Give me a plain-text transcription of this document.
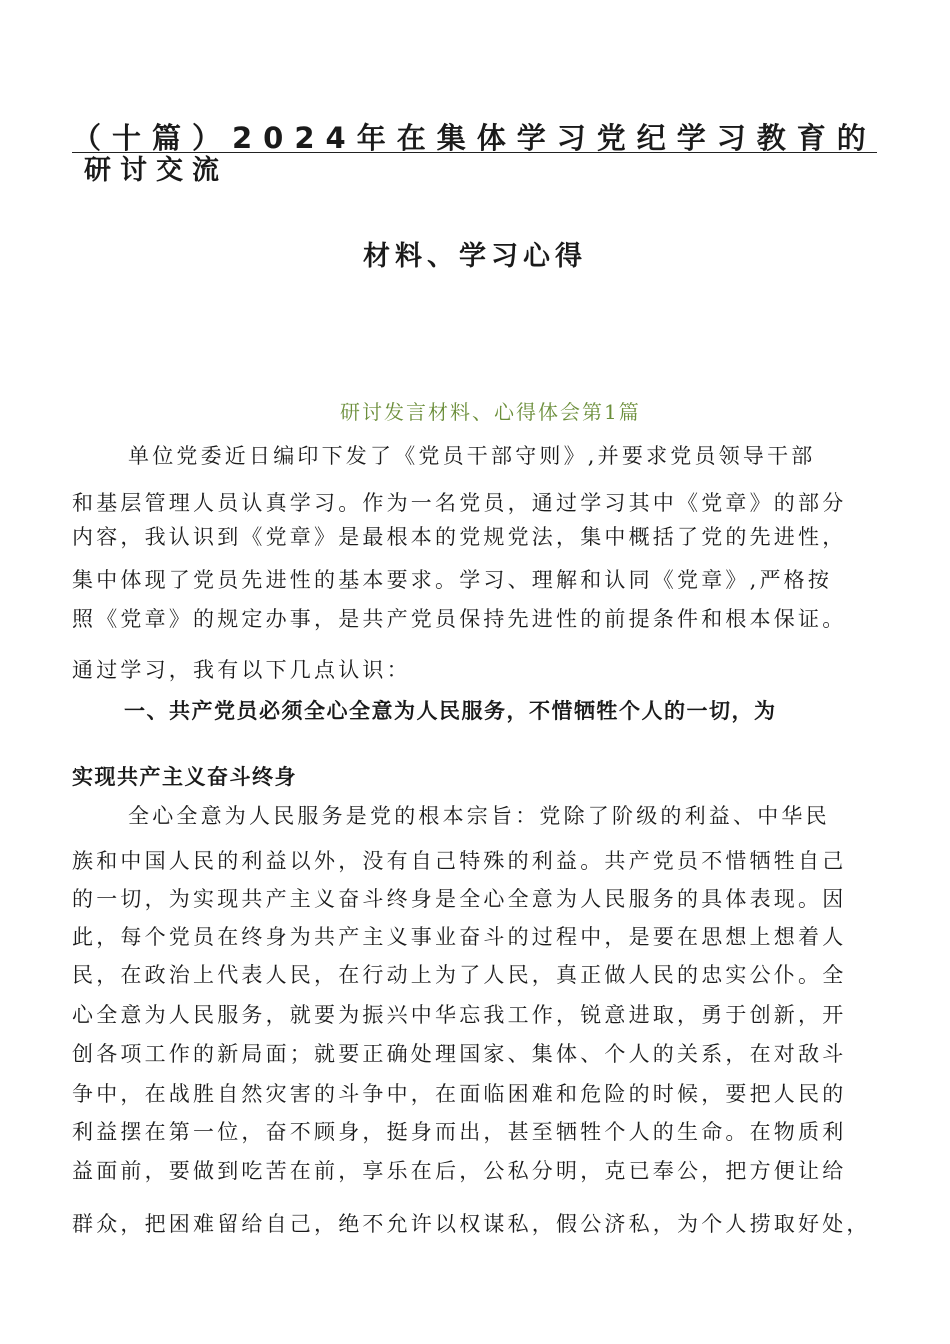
（十篇）2024年在集体学习党纪学习教育的
研讨交流
材料、学习心得
研讨发言材料、心得体会第1篇
单位党委近日编印下发了《党员干部守则》,并要求党员领导干部
和基层管理人员认真学习。作为一名党员，通过学习其中《党章》的部分
内容，我认识到《党章》是最根本的党规党法，集中概括了党的先进性，
集中体现了党员先进性的基本要求。学习、理解和认同《党章》,严格按
照《党章》的规定办事，是共产党员保持先进性的前提条件和根本保证。
通过学习，我有以下几点认识：
一、共产党员必须全心全意为人民服务，不惜牺牲个人的一切，为
实现共产主义奋斗终身
全心全意为人民服务是党的根本宗旨：党除了阶级的利益、中华民
族和中国人民的利益以外，没有自己特殊的利益。共产党员不惜牺牲自己
的一切，为实现共产主义奋斗终身是全心全意为人民服务的具体表现。因
此，每个党员在终身为共产主义事业奋斗的过程中，是要在思想上想着人
民，在政治上代表人民，在行动上为了人民，真正做人民的忠实公仆。全
心全意为人民服务，就要为振兴中华忘我工作，锐意进取，勇于创新，开
创各项工作的新局面；就要正确处理国家、集体、个人的关系，在对敌斗
争中，在战胜自然灾害的斗争中，在面临困难和危险的时候，要把人民的
利益摆在第一位，奋不顾身，挺身而出，甚至牺牲个人的生命。在物质利
益面前，要做到吃苦在前，享乐在后，公私分明，克已奉公，把方便让给
群众，把困难留给自己，绝不允许以权谋私，假公济私，为个人捞取好处，
